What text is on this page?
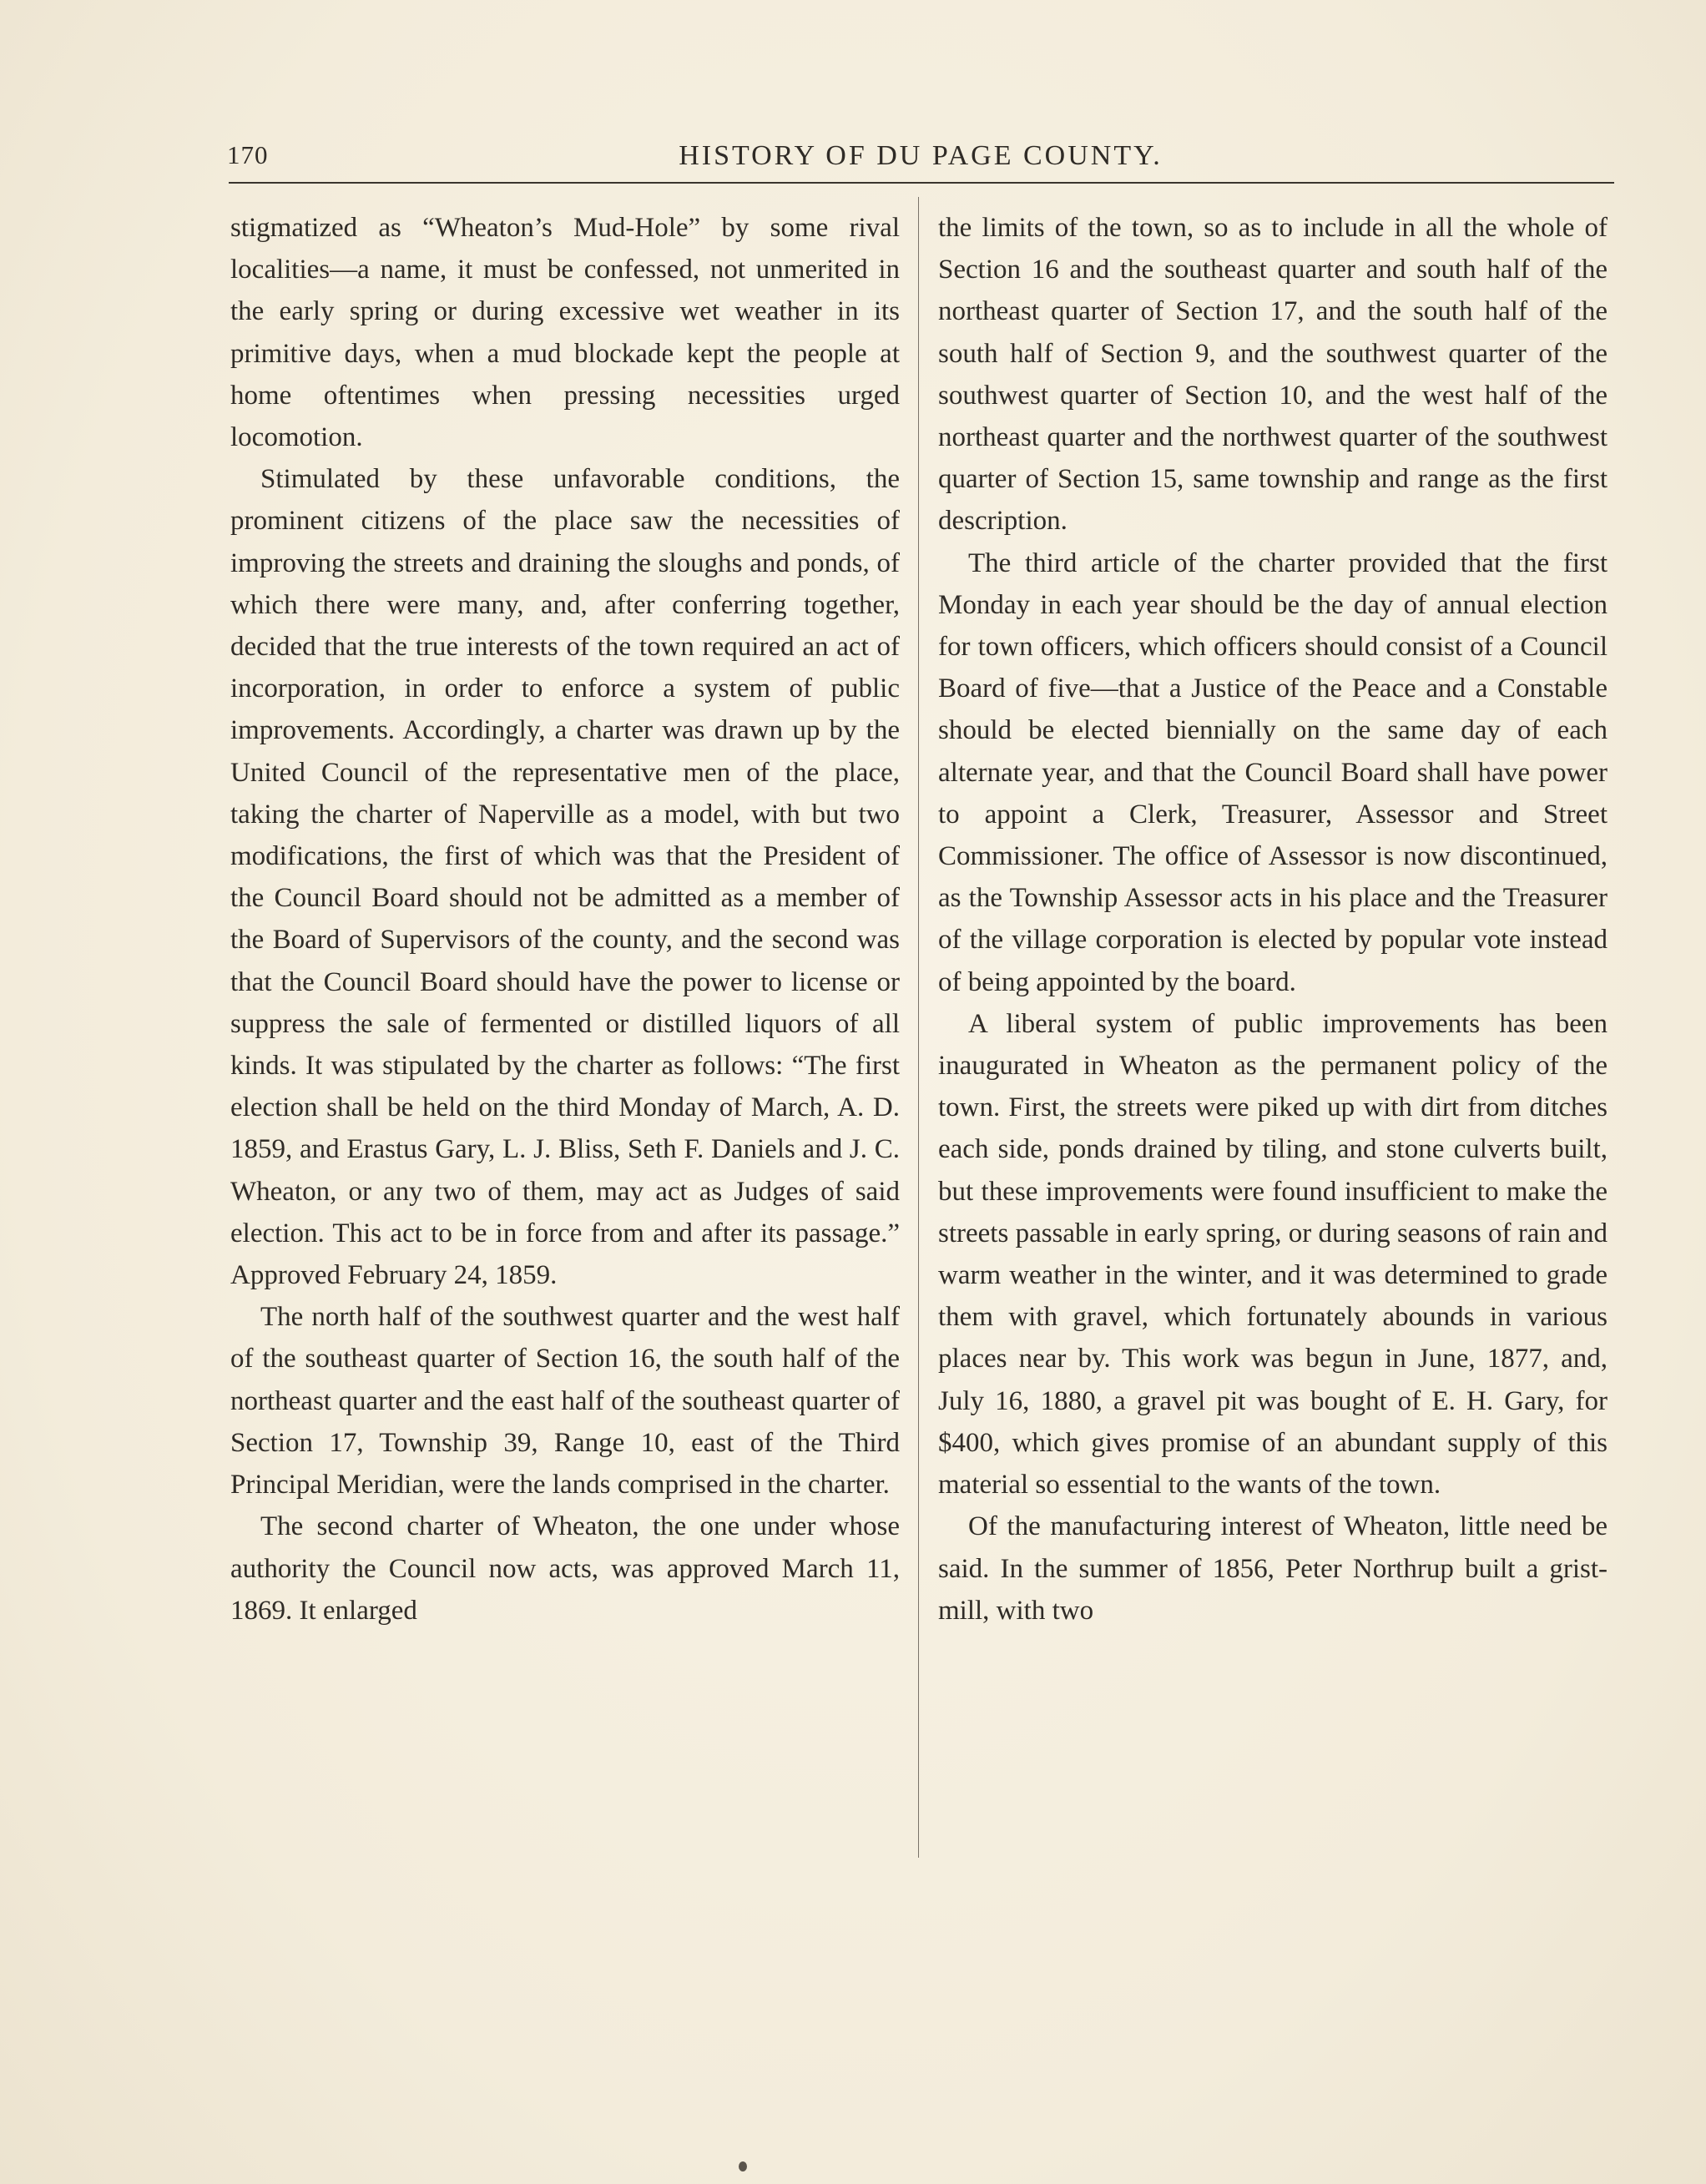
170	HISTORY OF DU PAGE COUNTY.

stigmatized as “Wheaton’s Mud-Hole” by some rival localities—a name, it must be confessed, not unmerited in the early spring or during excessive wet weather in its primitive days, when a mud blockade kept the people at home oftentimes when pressing necessities urged locomotion.

Stimulated by these unfavorable conditions, the prominent citizens of the place saw the necessities of improving the streets and draining the sloughs and ponds, of which there were many, and, after conferring together, decided that the true interests of the town required an act of incorporation, in order to enforce a system of public improvements. Accordingly, a charter was drawn up by the United Council of the representative men of the place, taking the charter of Naperville as a model, with but two modifications, the first of which was that the President of the Council Board should not be admitted as a member of the Board of Supervisors of the county, and the second was that the Council Board should have the power to license or suppress the sale of fermented or distilled liquors of all kinds. It was stipulated by the charter as follows: “The first election shall be held on the third Monday of March, A. D. 1859, and Erastus Gary, L. J. Bliss, Seth F. Daniels and J. C. Wheaton, or any two of them, may act as Judges of said election. This act to be in force from and after its passage.” Approved February 24, 1859.

The north half of the southwest quarter and the west half of the southeast quarter of Section 16, the south half of the northeast quarter and the east half of the southeast quarter of Section 17, Township 39, Range 10, east of the Third Principal Meridian, were the lands comprised in the charter.

The second charter of Wheaton, the one under whose authority the Council now acts, was approved March 11, 1869. It enlarged

the limits of the town, so as to include in all the whole of Section 16 and the southeast quarter and south half of the northeast quarter of Section 17, and the south half of the south half of Section 9, and the southwest quarter of the southwest quarter of Section 10, and the west half of the northeast quarter and the northwest quarter of the southwest quarter of Section 15, same township and range as the first description.

The third article of the charter provided that the first Monday in each year should be the day of annual election for town officers, which officers should consist of a Council Board of five—that a Justice of the Peace and a Constable should be elected biennially on the same day of each alternate year, and that the Council Board shall have power to appoint a Clerk, Treasurer, Assessor and Street Commissioner. The office of Assessor is now discontinued, as the Township Assessor acts in his place and the Treasurer of the village corporation is elected by popular vote instead of being appointed by the board.

A liberal system of public improvements has been inaugurated in Wheaton as the permanent policy of the town. First, the streets were piked up with dirt from ditches each side, ponds drained by tiling, and stone culverts built, but these improvements were found insufficient to make the streets passable in early spring, or during seasons of rain and warm weather in the winter, and it was determined to grade them with gravel, which fortunately abounds in various places near by. This work was begun in June, 1877, and, July 16, 1880, a gravel pit was bought of E. H. Gary, for $400, which gives promise of an abundant supply of this material so essential to the wants of the town.

Of the manufacturing interest of Wheaton, little need be said. In the summer of 1856, Peter Northrup built a grist-mill, with two
